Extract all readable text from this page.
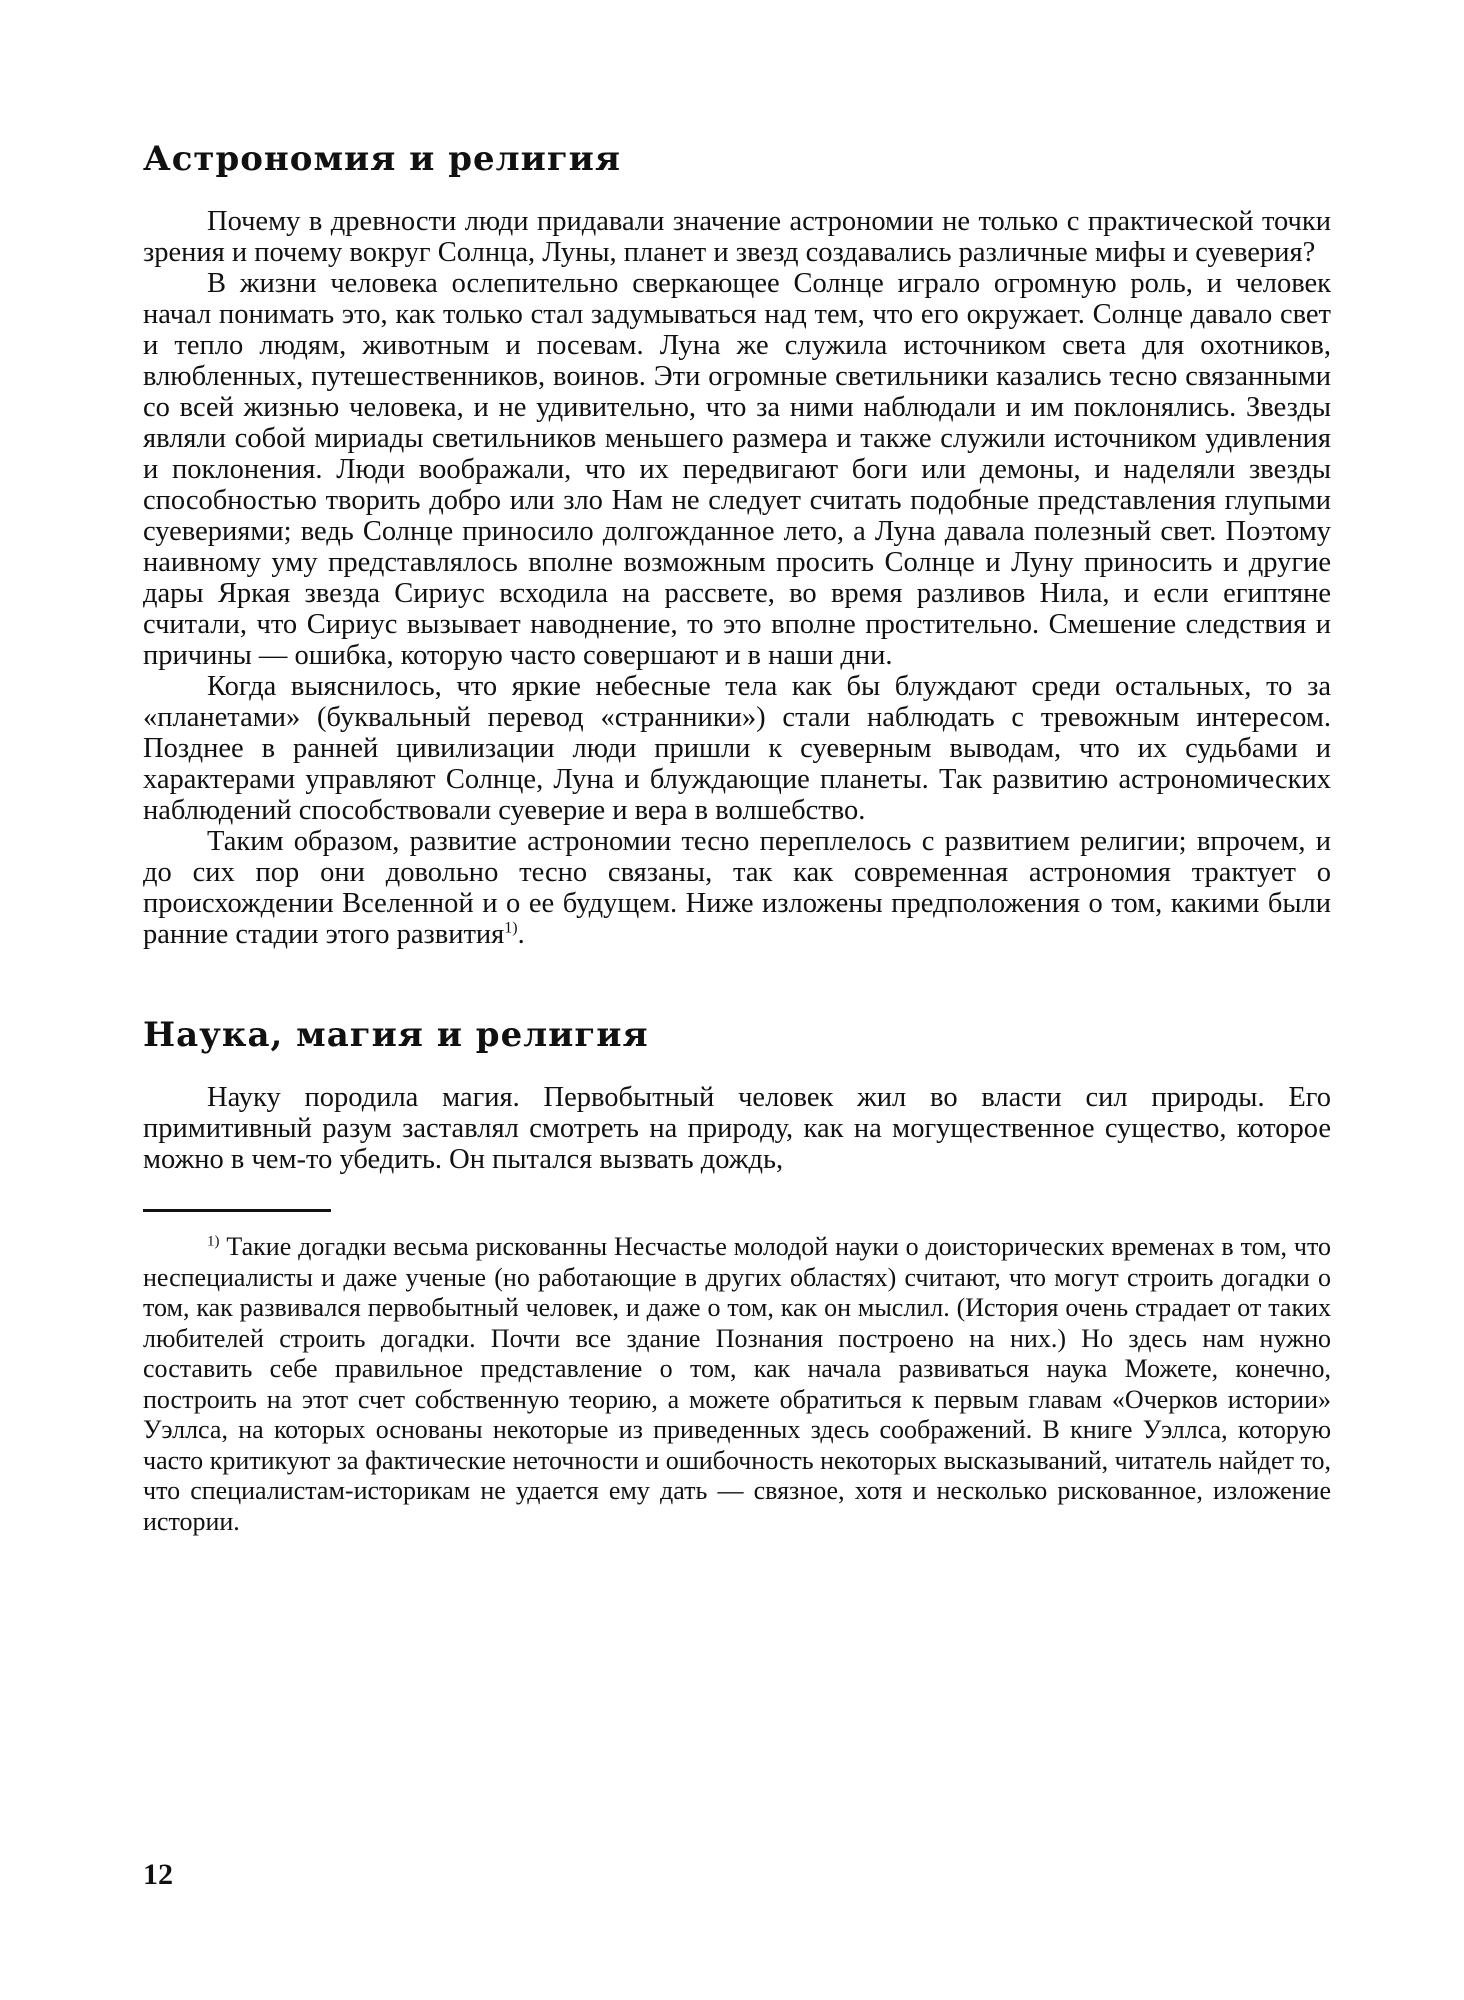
Астрономия и религия

Почему в древности люди придавали значение астрономии не только с практической точки зрения и почему вокруг Солнца, Луны, планет и звезд создавались различные мифы и суеверия?

В жизни человека ослепительно сверкающее Солнце играло огромную роль, и человек начал понимать это, как только стал задумываться над тем, что его окружает. Солнце давало свет и тепло людям, животным и посевам. Луна же служила источником света для охотников, влюбленных, путешественников, воинов. Эти огромные светильники казались тесно связанными со всей жизнью человека, и не удивительно, что за ними наблюдали и им поклонялись. Звезды являли собой мириады светильников меньшего размера и также служили источником удивления и поклонения. Люди воображали, что их передвигают боги или демоны, и наделяли звезды способностью творить добро или зло Нам не следует считать подобные представления глупыми суевериями; ведь Солнце приносило долгожданное лето, а Луна давала полезный свет. Поэтому наивному уму представлялось вполне возможным просить Солнце и Луну приносить и другие дары Яркая звезда Сириус всходила на рассвете, во время разливов Нила, и если египтяне считали, что Сириус вызывает наводнение, то это вполне простительно. Смешение следствия и причины — ошибка, которую часто совершают и в наши дни.

Когда выяснилось, что яркие небесные тела как бы блуждают среди остальных, то за «планетами» (буквальный перевод «странники») стали наблюдать с тревожным интересом. Позднее в ранней цивилизации люди пришли к суеверным выводам, что их судьбами и характерами управляют Солнце, Луна и блуждающие планеты. Так развитию астрономических наблюдений способствовали суеверие и вера в волшебство.

Таким образом, развитие астрономии тесно переплелось с развитием религии; впрочем, и до сих пор они довольно тесно связаны, так как современная астрономия трактует о происхождении Вселенной и о ее будущем. Ниже изложены предположения о том, какими были ранние стадии этого развития$^{1)}$.

Наука, магия и религия

Науку породила магия. Первобытный человек жил во власти сил природы. Его примитивный разум заставлял смотреть на природу, как на могущественное существо, которое можно в чем-то убедить. Он пытался вызвать дождь,

$^{1)}$ Такие догадки весьма рискованны Несчастье молодой науки о доисторических временах в том, что неспециалисты и даже ученые (но работающие в других областях) считают, что могут строить догадки о том, как развивался первобытный человек, и даже о том, как он мыслил. (История очень страдает от таких любителей строить догадки. Почти все здание Познания построено на них.) Но здесь нам нужно составить себе правильное представление о том, как начала развиваться наука Можете, конечно, построить на этот счет собственную теорию, а можете обратиться к первым главам «Очерков истории» Уэллса, на которых основаны некоторые из приведенных здесь соображений. В книге Уэллса, которую часто критикуют за фактические неточности и ошибочность некоторых высказываний, читатель найдет то, что специалистам-историкам не удается ему дать — связное, хотя и несколько рискованное, изложение истории.

12
